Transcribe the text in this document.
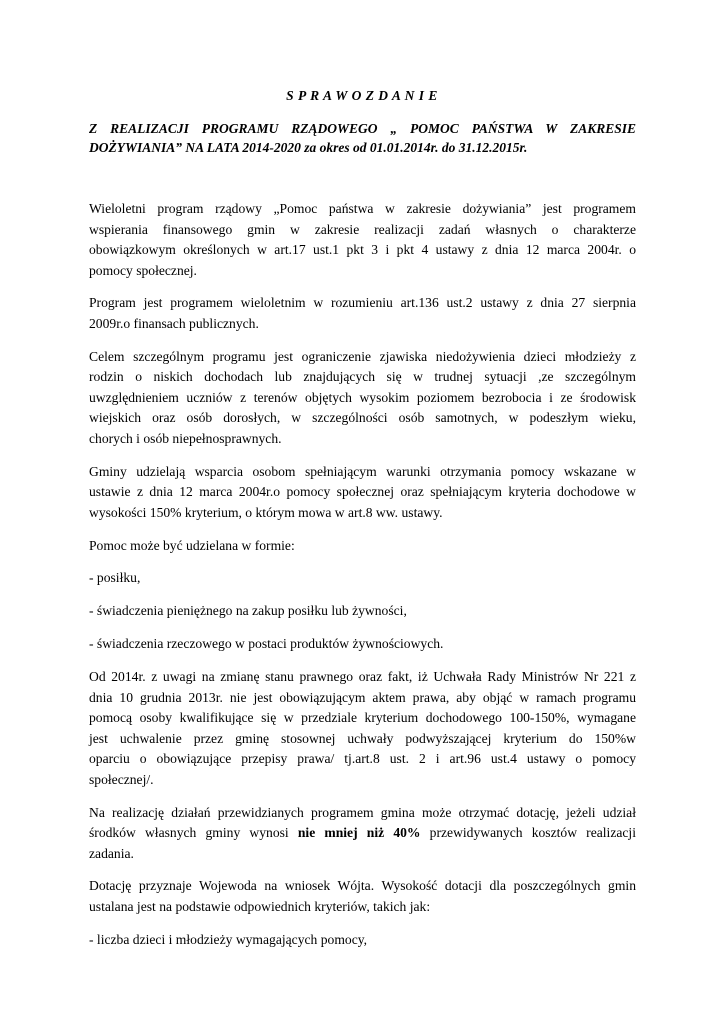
S P R A W O Z D A N I E
Z REALIZACJI PROGRAMU RZĄDOWEGO „ POMOC PAŃSTWA W ZAKRESIE
DOŻYWIANIA” NA LATA 2014-2020 za okres od 01.01.2014r. do 31.12.2015r.

Wieloletni program rządowy „Pomoc państwa w zakresie dożywiania” jest programem
wspierania finansowego gmin w zakresie realizacji zadań własnych o charakterze
obowiązkowym określonych w art.17 ust.1 pkt 3 i pkt 4 ustawy z dnia 12 marca 2004r. o
pomocy społecznej.

Program jest programem wieloletnim w rozumieniu art.136 ust.2 ustawy z dnia 27 sierpnia
2009r.o finansach publicznych.

Celem szczególnym programu jest ograniczenie zjawiska niedożywienia dzieci młodzieży z
rodzin o niskich dochodach lub znajdujących się w trudnej sytuacji ,ze szczególnym
uwzględnieniem uczniów z terenów objętych wysokim poziomem bezrobocia i ze środowisk
wiejskich oraz osób dorosłych, w szczególności osób samotnych, w podeszłym wieku,
chorych i osób niepełnosprawnych.

Gminy udzielają wsparcia osobom spełniającym warunki otrzymania pomocy wskazane w
ustawie z dnia 12 marca 2004r.o pomocy społecznej oraz spełniającym kryteria dochodowe w
wysokości 150% kryterium, o którym mowa w art.8 ww. ustawy.

Pomoc może być udzielana w formie:

- posiłku,

- świadczenia pieniężnego na zakup posiłku lub żywności,

- świadczenia rzeczowego w postaci produktów żywnościowych.

Od 2014r. z uwagi na zmianę stanu prawnego oraz fakt, iż Uchwała Rady Ministrów Nr 221 z
dnia 10 grudnia 2013r. nie jest obowiązującym aktem prawa, aby objąć w ramach programu
pomocą osoby kwalifikujące się w przedziale kryterium dochodowego 100-150%, wymagane
jest uchwalenie przez gminę stosownej uchwały podwyższającej kryterium do 150%w
oparciu o obowiązujące przepisy prawa/ tj.art.8 ust. 2 i art.96 ust.4 ustawy o pomocy
społecznej/.

Na realizację działań przewidzianych programem gmina może otrzymać dotację, jeżeli udział
środków własnych gminy wynosi nie mniej niż 40% przewidywanych kosztów realizacji
zadania.

Dotację przyznaje Wojewoda na wniosek Wójta. Wysokość dotacji dla poszczególnych gmin
ustalana jest na podstawie odpowiednich kryteriów, takich jak:

- liczba dzieci i młodzieży wymagających pomocy,
